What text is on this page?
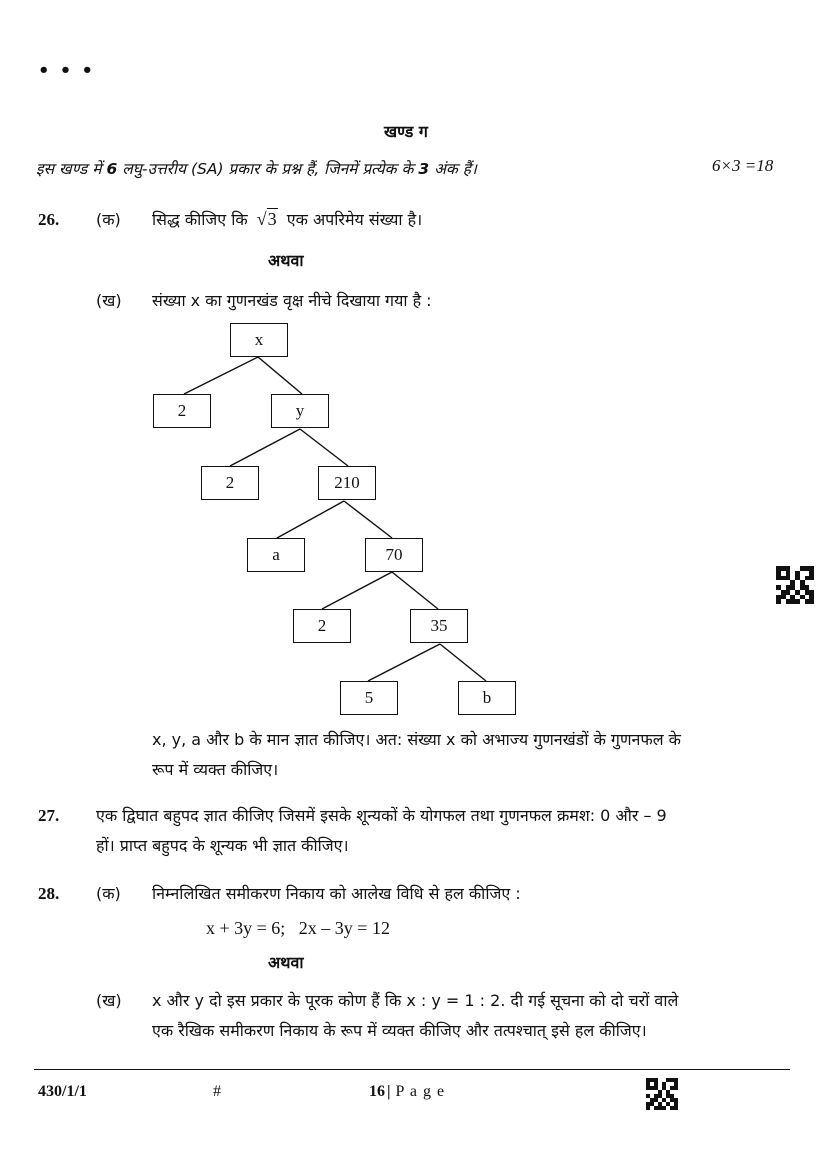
• • •
खण्ड ग
इस खण्ड में 6 लघु-उत्तरीय (SA) प्रकार के प्रश्न हैं, जिनमें प्रत्येक के 3 अंक हैं।	6×3 =18
26. (क) सिद्ध कीजिए कि √3 एक अपरिमेय संख्या है।
अथवा
(ख) संख्या x का गुणनखंड वृक्ष नीचे दिखाया गया है :
x
2	y
2	210
a	70
2	35
5	b
x, y, a और b के मान ज्ञात कीजिए। अत: संख्या x को अभाज्य गुणनखंडों के गुणनफल के
रूप में व्यक्त कीजिए।
27. एक द्विघात बहुपद ज्ञात कीजिए जिसमें इसके शून्यकों के योगफल तथा गुणनफल क्रमश: 0 और – 9
हों। प्राप्त बहुपद के शून्यक भी ज्ञात कीजिए।
28. (क) निम्नलिखित समीकरण निकाय को आलेख विधि से हल कीजिए :
x + 3y = 6;   2x – 3y = 12
अथवा
(ख) x और y दो इस प्रकार के पूरक कोण हैं कि x : y = 1 : 2. दी गई सूचना को दो चरों वाले
एक रैखिक समीकरण निकाय के रूप में व्यक्त कीजिए और तत्पश्चात् इसे हल कीजिए।
430/1/1	#	16 | P a g e
